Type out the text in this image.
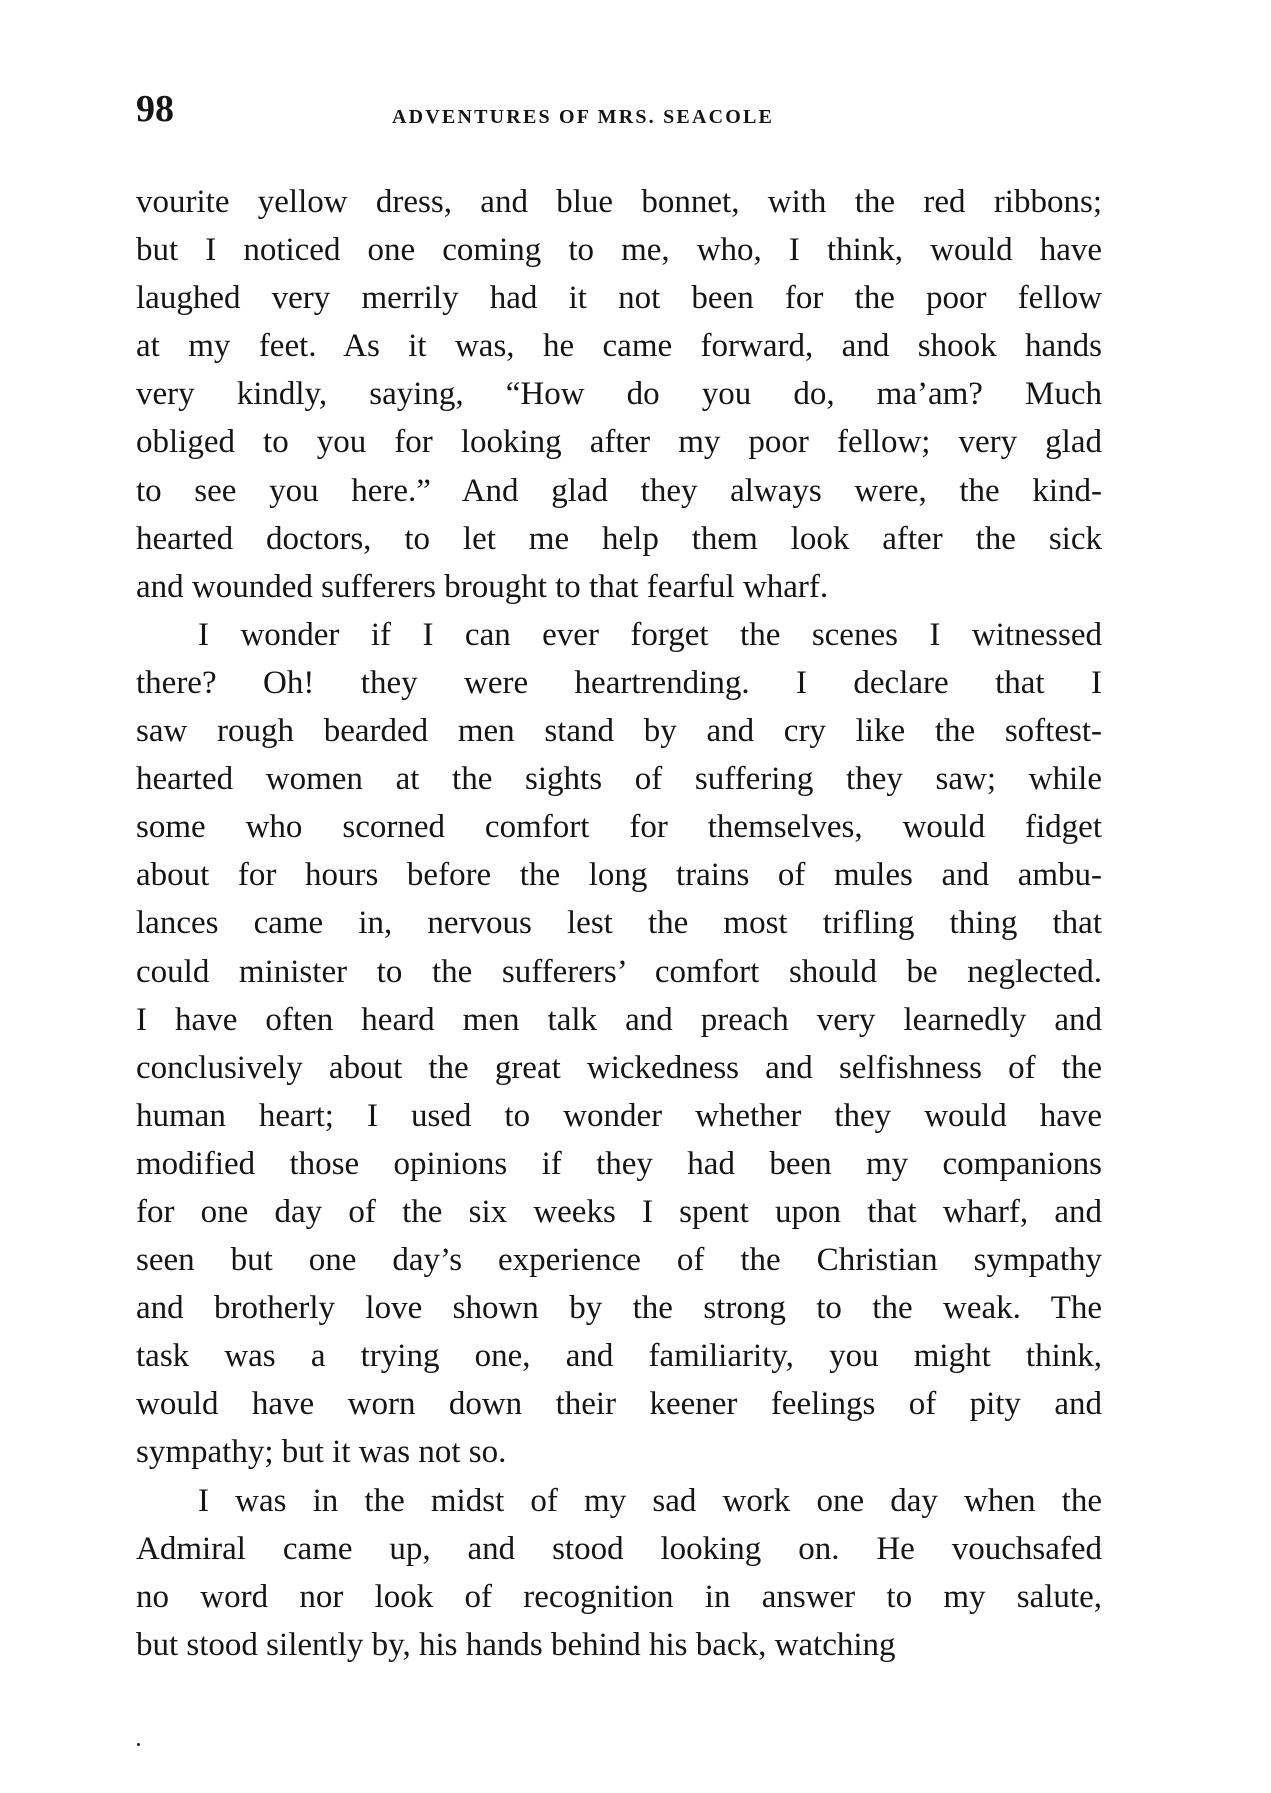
98	ADVENTURES OF MRS. SEACOLE
vourite yellow dress, and blue bonnet, with the red ribbons;
but I noticed one coming to me, who, I think, would have
laughed very merrily had it not been for the poor fellow
at my feet. As it was, he came forward, and shook hands
very kindly, saying, “How do you do, ma’am? Much
obliged to you for looking after my poor fellow; very glad
to see you here.” And glad they always were, the kind-
hearted doctors, to let me help them look after the sick
and wounded sufferers brought to that fearful wharf.
I wonder if I can ever forget the scenes I witnessed
there? Oh! they were heartrending. I declare that I
saw rough bearded men stand by and cry like the softest-
hearted women at the sights of suffering they saw; while
some who scorned comfort for themselves, would fidget
about for hours before the long trains of mules and ambu-
lances came in, nervous lest the most trifling thing that
could minister to the sufferers’ comfort should be neglected.
I have often heard men talk and preach very learnedly and
conclusively about the great wickedness and selfishness of the
human heart; I used to wonder whether they would have
modified those opinions if they had been my companions
for one day of the six weeks I spent upon that wharf, and
seen but one day’s experience of the Christian sympathy
and brotherly love shown by the strong to the weak. The
task was a trying one, and familiarity, you might think,
would have worn down their keener feelings of pity and
sympathy; but it was not so.
I was in the midst of my sad work one day when the
Admiral came up, and stood looking on. He vouchsafed
no word nor look of recognition in answer to my salute,
but stood silently by, his hands behind his back, watching
